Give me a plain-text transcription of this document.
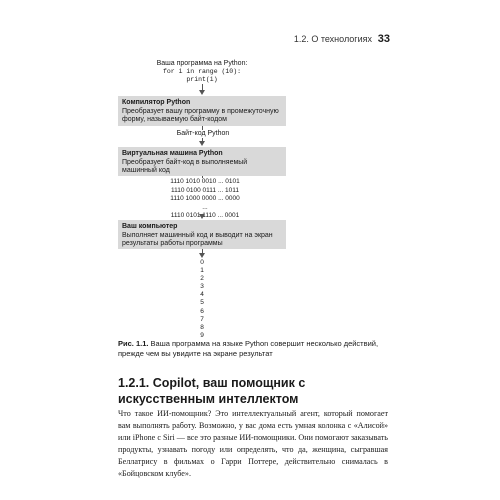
1.2. О технологиях 33
Ваша программа на Python:
for i in range (10):
print(i)
Компилятор Python
Преобразует вашу программу в промежуточную форму, называемую байт-кодом
Байт-код Python
Виртуальная машина Python
Преобразует байт-код в выполняемый машинный код
1110 1010 0010 ... 0101
1110 0100 0111 ... 1011
1110 1000 0000 ... 0000
...
1110 0101 1110 ... 0001
Ваш компьютер
Выполняет машинный код и выводит на экран результаты работы программы
0
1
2
3
4
5
6
7
8
9
Рис. 1.1. Ваша программа на языке Python совершит несколько действий, прежде чем вы увидите на экране результат
1.2.1. Copilot, ваш помощник с искусственным интеллектом
Что такое ИИ-помощник? Это интеллектуальный агент, который помогает вам выполнять работу. Возможно, у вас дома есть умная колонка с «Алисой» или iPhone с Siri — все это разные ИИ-помощники. Они помогают заказывать продукты, узнавать погоду или определять, что да, женщина, сыгравшая Беллатрису в фильмах о Гарри Поттере, действительно снималась в «Бойцовском клубе».
